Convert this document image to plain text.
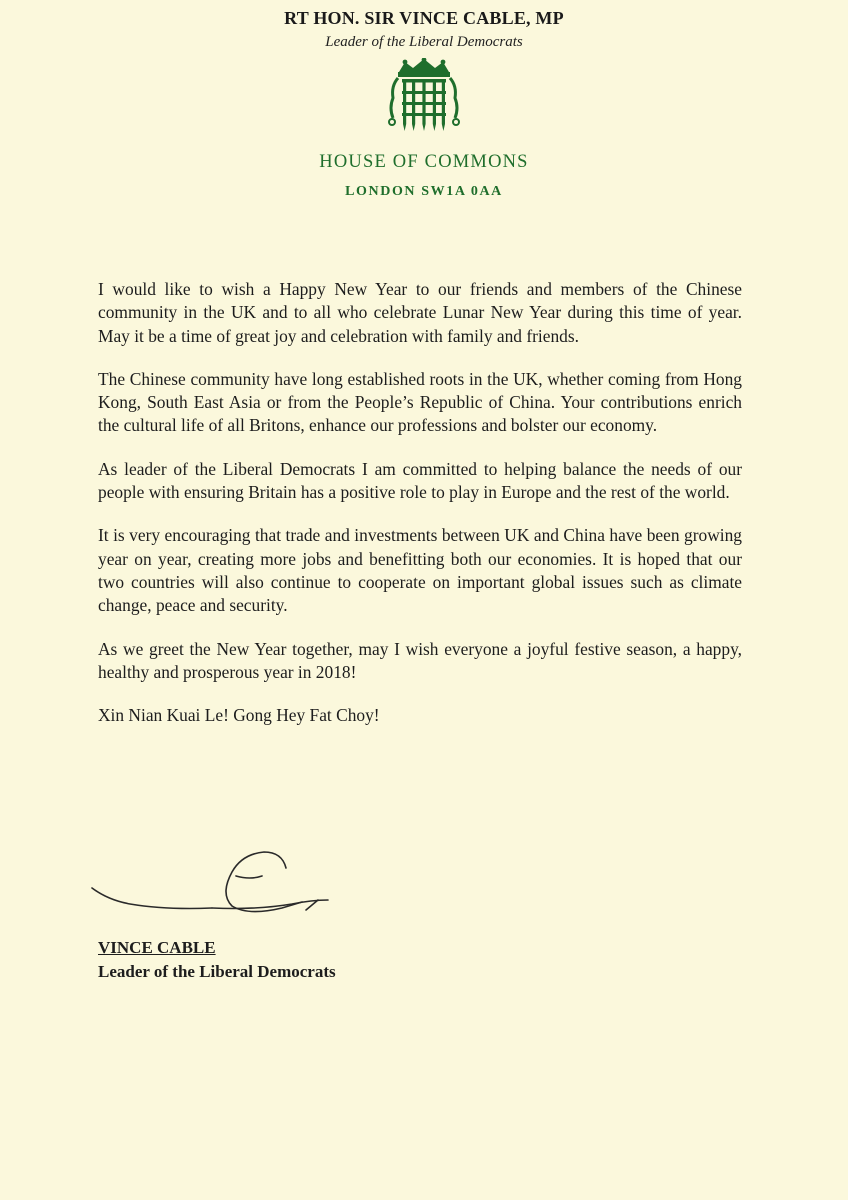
RT HON. SIR VINCE CABLE, MP
Leader of the Liberal Democrats
HOUSE OF COMMONS
LONDON SW1A 0AA

I would like to wish a Happy New Year to our friends and members of the Chinese community in the UK and to all who celebrate Lunar New Year during this time of year. May it be a time of great joy and celebration with family and friends.

The Chinese community have long established roots in the UK, whether coming from Hong Kong, South East Asia or from the People’s Republic of China. Your contributions enrich the cultural life of all Britons, enhance our professions and bolster our economy.

As leader of the Liberal Democrats I am committed to helping balance the needs of our people with ensuring Britain has a positive role to play in Europe and the rest of the world.

It is very encouraging that trade and investments between UK and China have been growing year on year, creating more jobs and benefitting both our economies. It is hoped that our two countries will also continue to cooperate on important global issues such as climate change, peace and security.

As we greet the New Year together, may I wish everyone a joyful festive season, a happy, healthy and prosperous year in 2018!

Xin Nian Kuai Le! Gong Hey Fat Choy!

VINCE CABLE
Leader of the Liberal Democrats
